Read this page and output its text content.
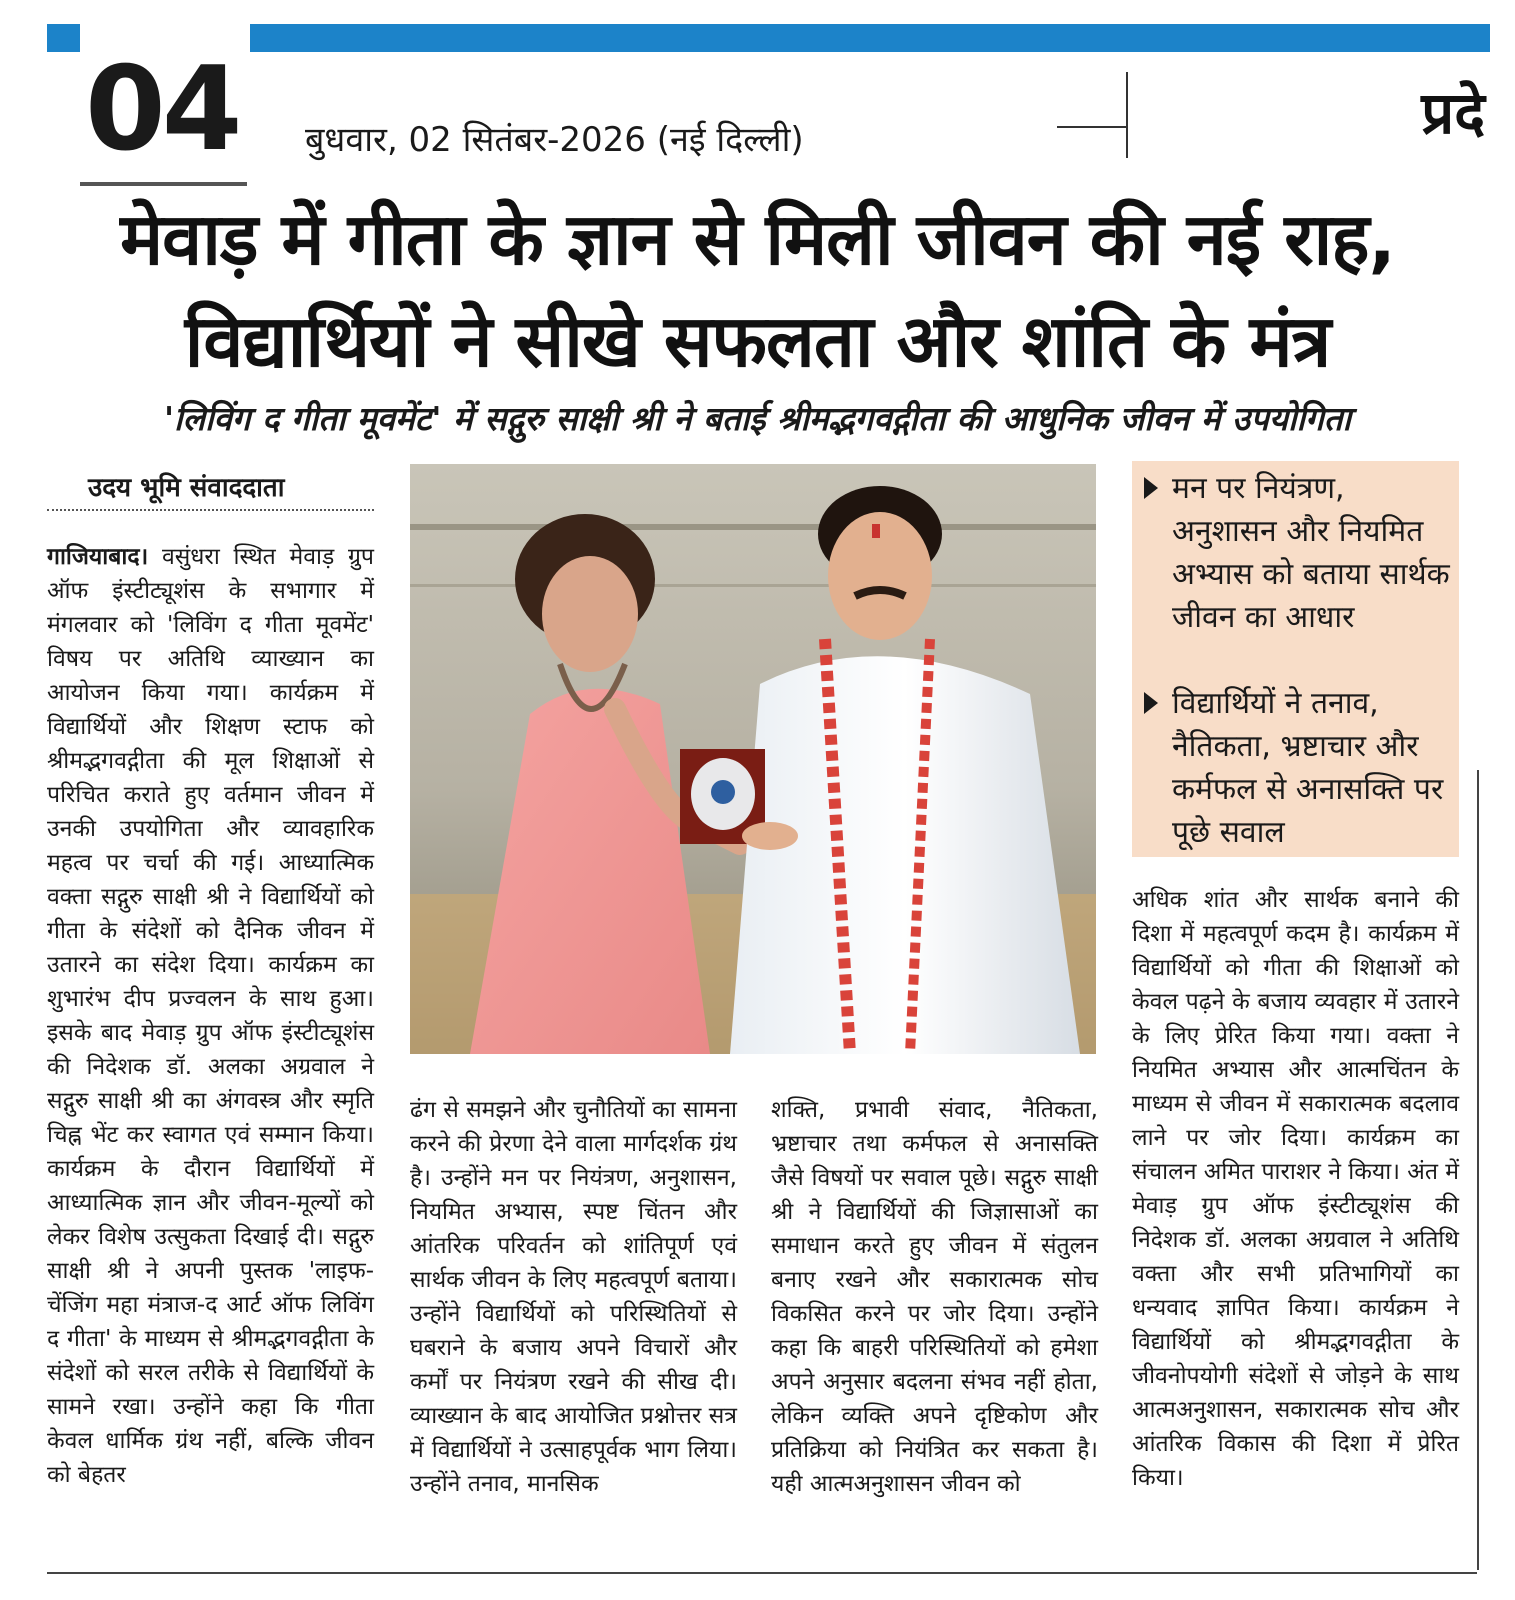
04 बुधवार, 02 सितंबर-2026 (नई दिल्ली)	प्रदे
मेवाड़ में गीता के ज्ञान से मिली जीवन की नई राह,
विद्यार्थियों ने सीखे सफलता और शांति के मंत्र
'लिविंग द गीता मूवमेंट' में सद्गुरु साक्षी श्री ने बताई श्रीमद्भगवद्गीता की आधुनिक जीवन में उपयोगिता
उदय भूमि संवाददाता
गाजियाबाद। वसुंधरा स्थित मेवाड़ ग्रुप ऑफ इंस्टीट्यूशंस के सभागार में मंगलवार को 'लिविंग द गीता मूवमेंट' विषय पर अतिथि व्याख्यान का आयोजन किया गया। कार्यक्रम में विद्यार्थियों और शिक्षण स्टाफ को श्रीमद्भगवद्गीता की मूल शिक्षाओं से परिचित कराते हुए वर्तमान जीवन में उनकी उपयोगिता और व्यावहारिक महत्व पर चर्चा की गई। आध्यात्मिक वक्ता सद्गुरु साक्षी श्री ने विद्यार्थियों को गीता के संदेशों को दैनिक जीवन में उतारने का संदेश दिया। कार्यक्रम का शुभारंभ दीप प्रज्वलन के साथ हुआ। इसके बाद मेवाड़ ग्रुप ऑफ इंस्टीट्यूशंस की निदेशक डॉ. अलका अग्रवाल ने सद्गुरु साक्षी श्री का अंगवस्त्र और स्मृति चिह्न भेंट कर स्वागत एवं सम्मान किया। कार्यक्रम के दौरान विद्यार्थियों में आध्यात्मिक ज्ञान और जीवन-मूल्यों को लेकर विशेष उत्सुकता दिखाई दी। सद्गुरु साक्षी श्री ने अपनी पुस्तक 'लाइफ-चेंजिंग महा मंत्राज-द आर्ट ऑफ लिविंग द गीता' के माध्यम से श्रीमद्भगवद्गीता के संदेशों को सरल तरीके से विद्यार्थियों के सामने रखा। उन्होंने कहा कि गीता केवल धार्मिक ग्रंथ नहीं, बल्कि जीवन को बेहतर
ढंग से समझने और चुनौतियों का सामना करने की प्रेरणा देने वाला मार्गदर्शक ग्रंथ है। उन्होंने मन पर नियंत्रण, अनुशासन, नियमित अभ्यास, स्पष्ट चिंतन और आंतरिक परिवर्तन को शांतिपूर्ण एवं सार्थक जीवन के लिए महत्वपूर्ण बताया। उन्होंने विद्यार्थियों को परिस्थितियों से घबराने के बजाय अपने विचारों और कर्मों पर नियंत्रण रखने की सीख दी। व्याख्यान के बाद आयोजित प्रश्नोत्तर सत्र में विद्यार्थियों ने उत्साहपूर्वक भाग लिया। उन्होंने तनाव, मानसिक
शक्ति, प्रभावी संवाद, नैतिकता, भ्रष्टाचार तथा कर्मफल से अनासक्ति जैसे विषयों पर सवाल पूछे। सद्गुरु साक्षी श्री ने विद्यार्थियों की जिज्ञासाओं का समाधान करते हुए जीवन में संतुलन बनाए रखने और सकारात्मक सोच विकसित करने पर जोर दिया। उन्होंने कहा कि बाहरी परिस्थितियों को हमेशा अपने अनुसार बदलना संभव नहीं होता, लेकिन व्यक्ति अपने दृष्टिकोण और प्रतिक्रिया को नियंत्रित कर सकता है। यही आत्मअनुशासन जीवन को
मन पर नियंत्रण, अनुशासन और नियमित अभ्यास को बताया सार्थक जीवन का आधार
विद्यार्थियों ने तनाव, नैतिकता, भ्रष्टाचार और कर्मफल से अनासक्ति पर पूछे सवाल
अधिक शांत और सार्थक बनाने की दिशा में महत्वपूर्ण कदम है। कार्यक्रम में विद्यार्थियों को गीता की शिक्षाओं को केवल पढ़ने के बजाय व्यवहार में उतारने के लिए प्रेरित किया गया। वक्ता ने नियमित अभ्यास और आत्मचिंतन के माध्यम से जीवन में सकारात्मक बदलाव लाने पर जोर दिया। कार्यक्रम का संचालन अमित पाराशर ने किया। अंत में मेवाड़ ग्रुप ऑफ इंस्टीट्यूशंस की निदेशक डॉ. अलका अग्रवाल ने अतिथि वक्ता और सभी प्रतिभागियों का धन्यवाद ज्ञापित किया। कार्यक्रम ने विद्यार्थियों को श्रीमद्भगवद्गीता के जीवनोपयोगी संदेशों से जोड़ने के साथ आत्मअनुशासन, सकारात्मक सोच और आंतरिक विकास की दिशा में प्रेरित किया।
